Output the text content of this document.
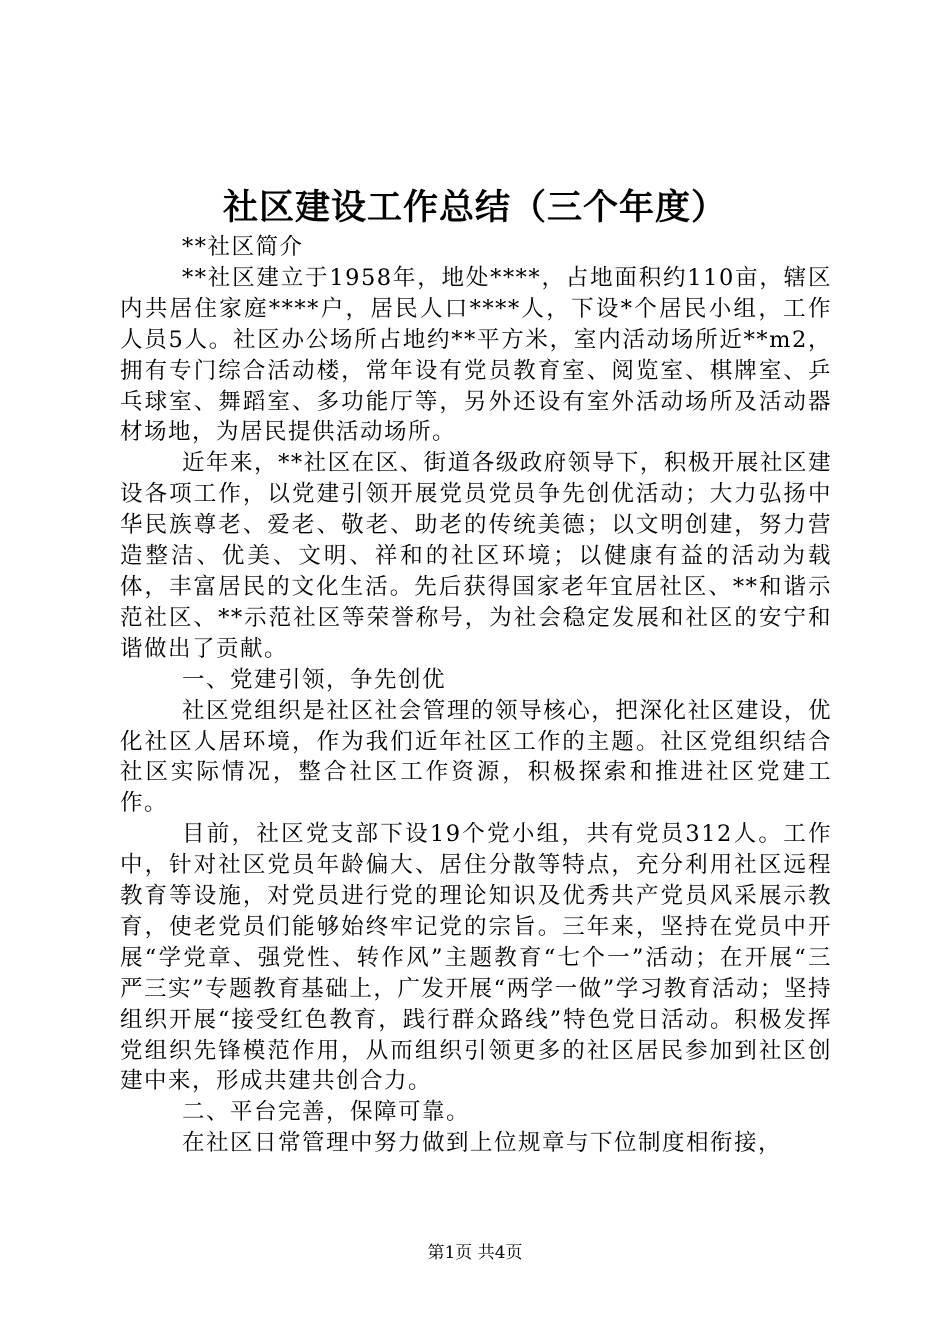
社区建设工作总结（三个年度）

**社区简介

**社区建立于1958年，地处****，占地面积约110亩，辖区内共居住家庭****户，居民人口****人，下设*个居民小组，工作人员5人。社区办公场所占地约**平方米，室内活动场所近**m2，拥有专门综合活动楼，常年设有党员教育室、阅览室、棋牌室、乒乓球室、舞蹈室、多功能厅等，另外还设有室外活动场所及活动器材场地，为居民提供活动场所。

近年来，**社区在区、街道各级政府领导下，积极开展社区建设各项工作，以党建引领开展党员党员争先创优活动；大力弘扬中华民族尊老、爱老、敬老、助老的传统美德；以文明创建，努力营造整洁、优美、文明、祥和的社区环境；以健康有益的活动为载体，丰富居民的文化生活。先后获得国家老年宜居社区、**和谐示范社区、**示范社区等荣誉称号，为社会稳定发展和社区的安宁和谐做出了贡献。

一、党建引领，争先创优

社区党组织是社区社会管理的领导核心，把深化社区建设，优化社区人居环境，作为我们近年社区工作的主题。社区党组织结合社区实际情况，整合社区工作资源，积极探索和推进社区党建工作。

目前，社区党支部下设19个党小组，共有党员312人。工作中，针对社区党员年龄偏大、居住分散等特点，充分利用社区远程教育等设施，对党员进行党的理论知识及优秀共产党员风采展示教育，使老党员们能够始终牢记党的宗旨。三年来，坚持在党员中开展“学党章、强党性、转作风”主题教育“七个一”活动；在开展“三严三实”专题教育基础上，广发开展“两学一做”学习教育活动；坚持组织开展“接受红色教育，践行群众路线”特色党日活动。积极发挥党组织先锋模范作用，从而组织引领更多的社区居民参加到社区创建中来，形成共建共创合力。

二、平台完善，保障可靠。

在社区日常管理中努力做到上位规章与下位制度相衔接，

第1页 共4页
